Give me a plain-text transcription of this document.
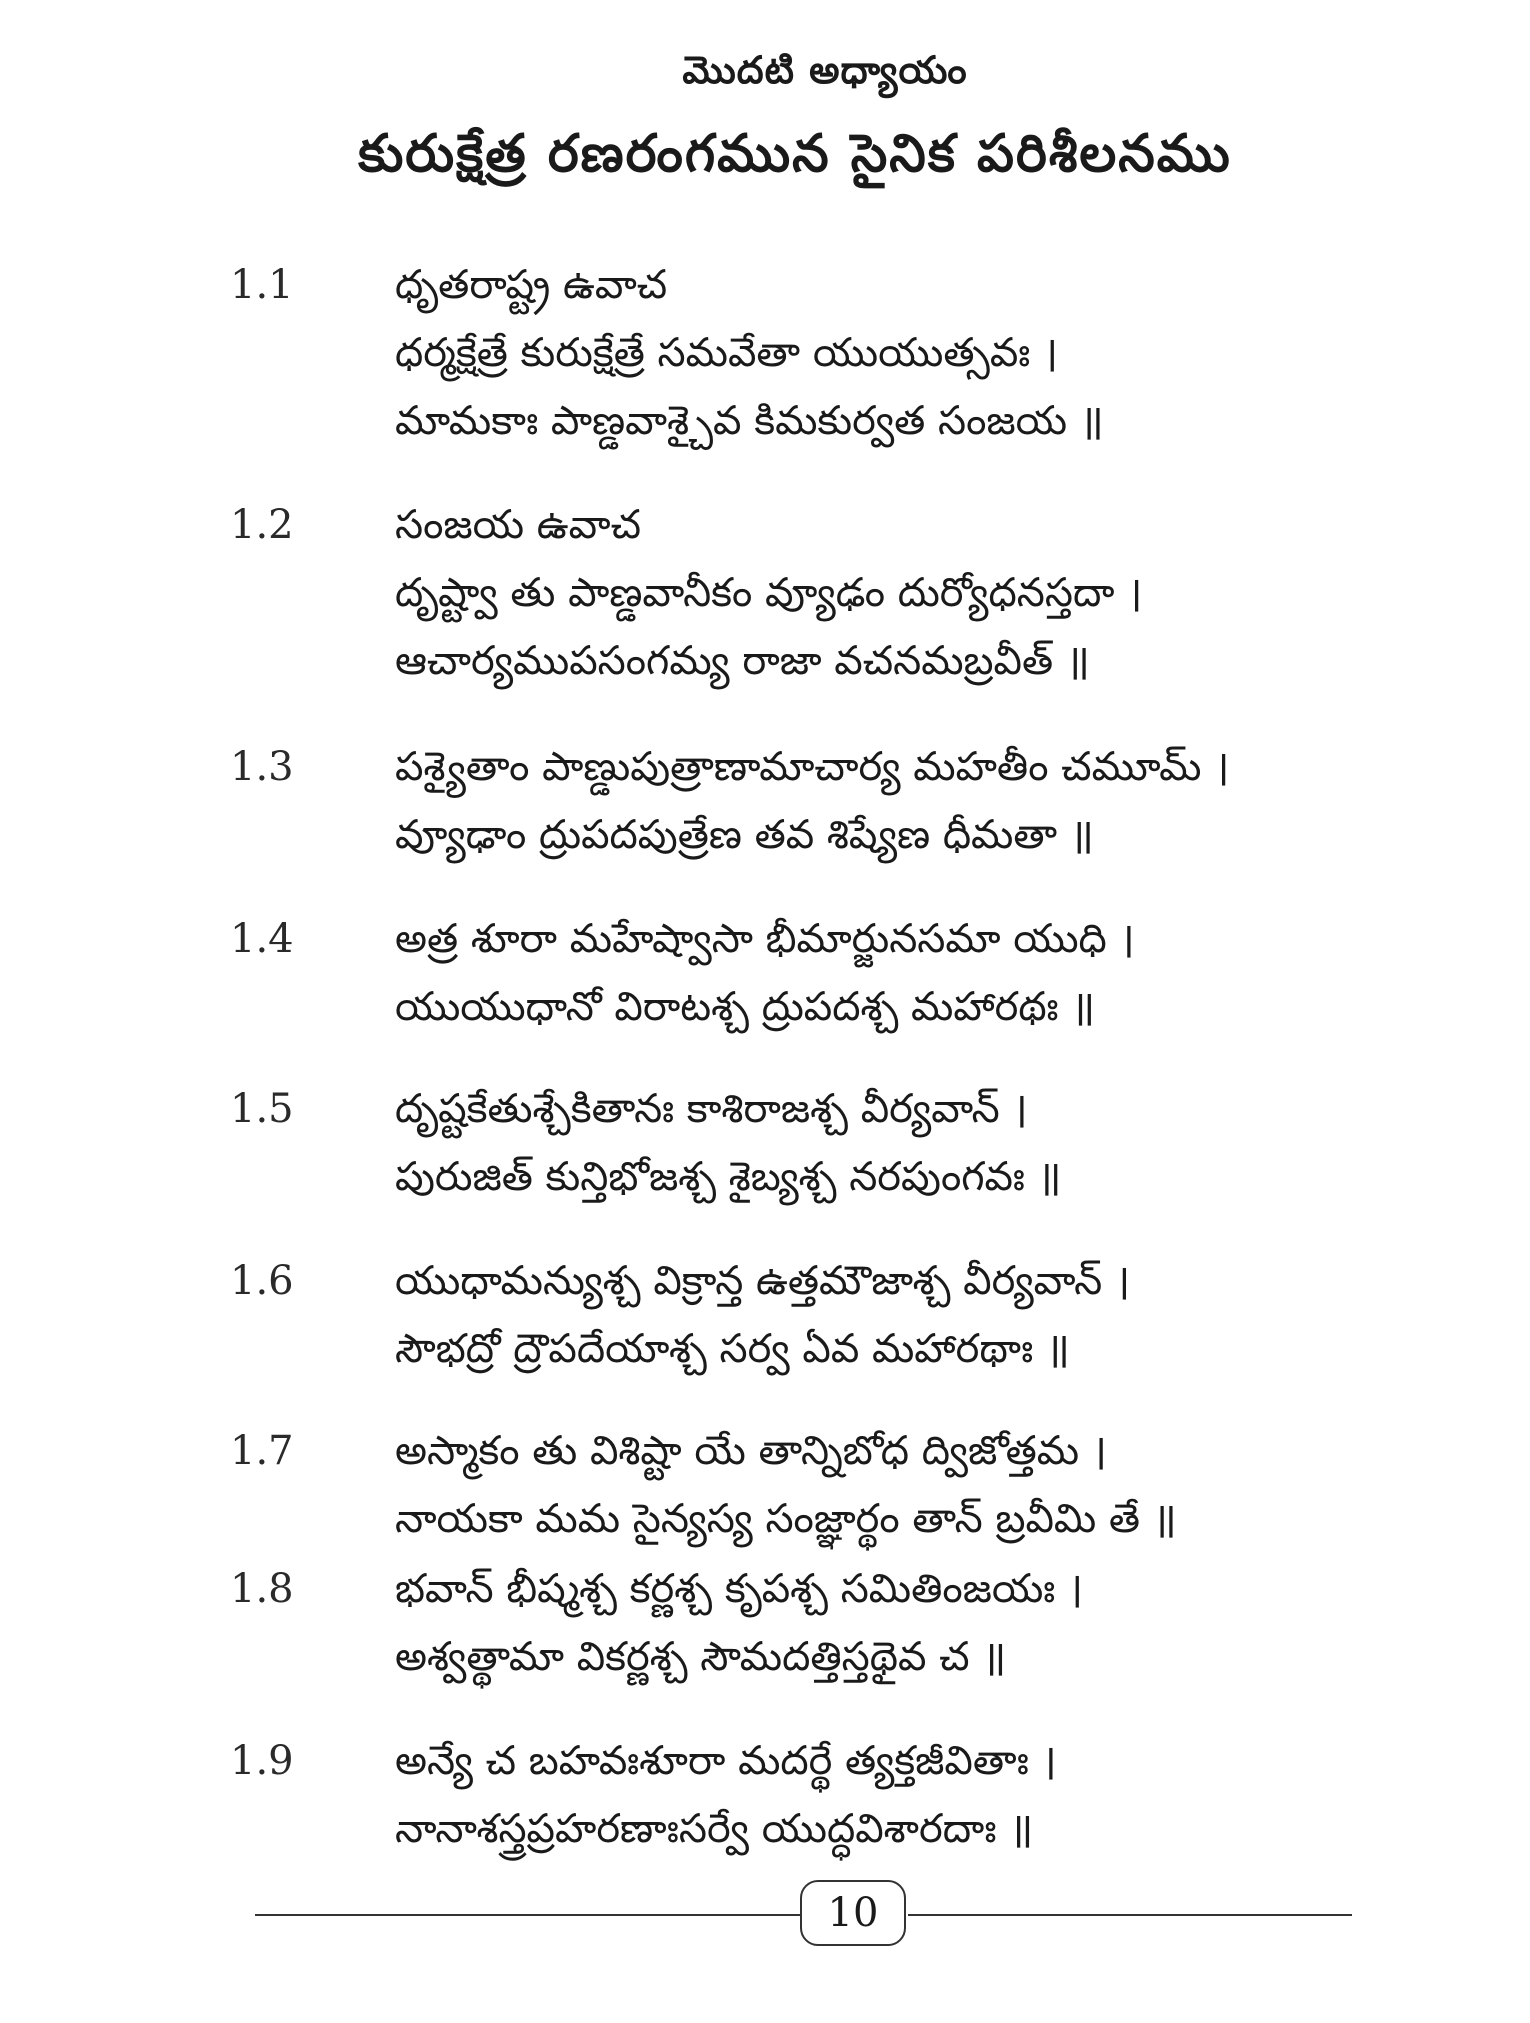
మొదటి అధ్యాయం
కురుక్షేత్ర రణరంగమున సైనిక పరిశీలనము
1.1	ధృతరాష్ట్ర ఉవాచ
ధర్మక్షేత్రే కురుక్షేత్రే సమవేతా యుయుత్సవః ।
మామకాః పాణ్డవాశ్చైవ కిమకుర్వత సంజయ ॥
1.2	సంజయ ఉవాచ
దృష్ట్వా తు పాణ్డవానీకం వ్యూఢం దుర్యోధనస్తదా ।
ఆచార్యముపసంగమ్య రాజా వచనమబ్రవీత్ ॥
1.3	పశ్యైతాం పాణ్డుపుత్రాణామాచార్య మహతీం చమూమ్ ।
వ్యూఢాం ద్రుపదపుత్రేణ తవ శిష్యేణ ధీమతా ॥
1.4	అత్ర శూరా మహేష్వాసా భీమార్జునసమా యుధి ।
యుయుధానో విరాటశ్చ ద్రుపదశ్చ మహారథః ॥
1.5	దృష్టకేతుశ్చేకితానః కాశిరాజశ్చ వీర్యవాన్ ।
పురుజిత్ కున్తిభోజశ్చ శైబ్యశ్చ నరపుంగవః ॥
1.6	యుధామన్యుశ్చ విక్రాన్త ఉత్తమౌజాశ్చ వీర్యవాన్ ।
సౌభద్రో ద్రౌపదేయాశ్చ సర్వ ఏవ మహారథాః ॥
1.7	అస్మాకం తు విశిష్టా యే తాన్నిబోధ ద్విజోత్తమ ।
నాయకా మమ సైన్యస్య సంజ్ఞార్థం తాన్ బ్రవీమి తే ॥
1.8	భవాన్ భీష్మశ్చ కర్ణశ్చ కృపశ్చ సమితింజయః ।
అశ్వత్థామా వికర్ణశ్చ సౌమదత్తిస్తథైవ చ ॥
1.9	అన్యే చ బహవఃశూరా మదర్థే త్యక్తజీవితాః ।
నానాశస్త్రప్రహరణాఃసర్వే యుద్ధవిశారదాః ॥
10
